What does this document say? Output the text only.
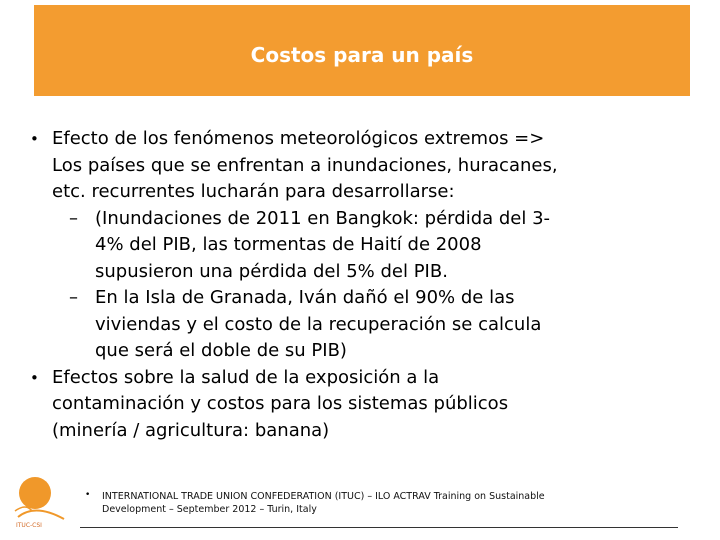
Costos para un país
• Efecto de los fenómenos meteorológicos extremos =>
Los países que se enfrentan a inundaciones, huracanes,
etc. recurrentes lucharán para desarrollarse:
– (Inundaciones de 2011 en Bangkok: pérdida del 3-
4% del PIB, las tormentas de Haití de 2008
supusieron una pérdida del 5% del PIB.
– En la Isla de Granada, Iván dañó el 90% de las
viviendas y el costo de la recuperación se calcula
que será el doble de su PIB)
• Efectos sobre la salud de la exposición a la
contaminación y costos para los sistemas públicos
(minería / agricultura: banana)
ITUC-CSI
• INTERNATIONAL TRADE UNION CONFEDERATION (ITUC) – ILO ACTRAV Training on Sustainable
Development – September 2012 – Turin, Italy
